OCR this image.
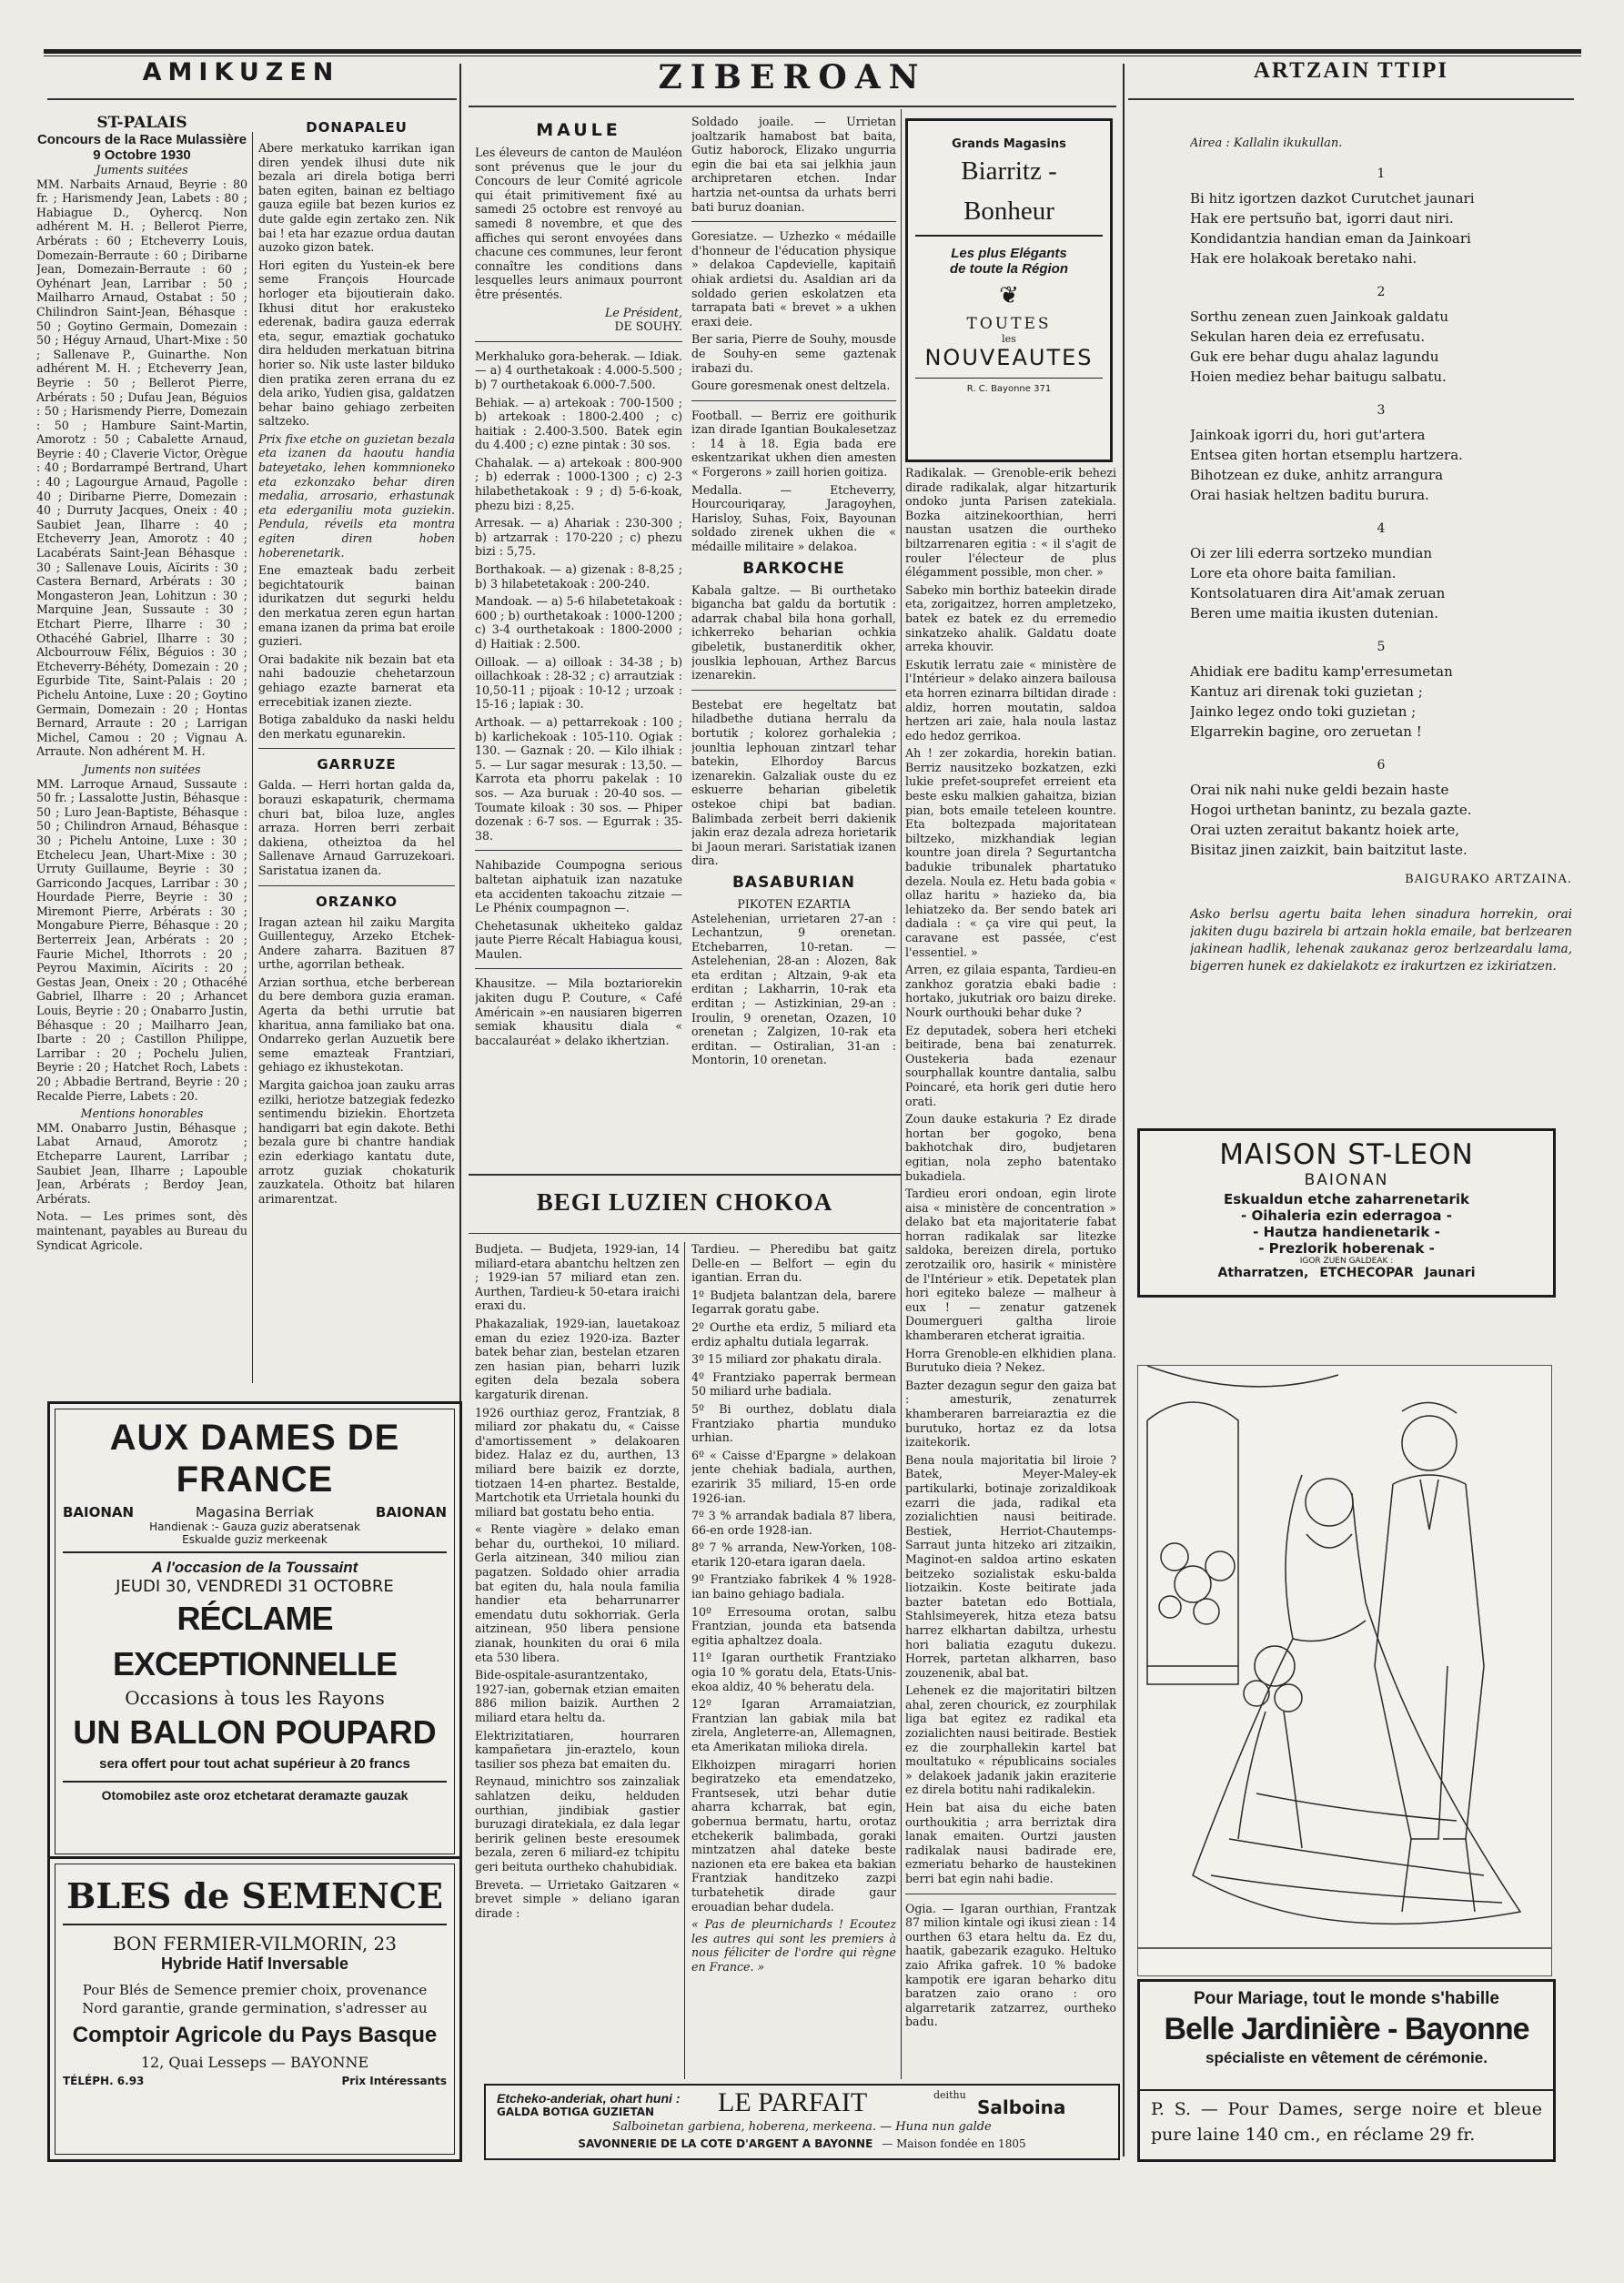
AMIKUZEN
ST-PALAIS
Concours de la Race Mulassière
9 Octobre 1930
Juments suitées

MM. Narbaits Arnaud, Beyrie : 80 fr. ; Harismendy Jean, Labets : 80 ; Habiague D., Oyhercq. Non adhérent M. H. ; Bellerot Pierre, Arbérats : 60 ; Etcheverry Louis, Domezain-Berraute : 60 ; Diribarne Jean, Domezain-Berraute : 60 ; Oyhénart Jean, Larribar : 50 ; Mailharro Arnaud, Ostabat : 50 ; Chilindron Saint-Jean, Béhasque : 50 ; Goytino Germain, Domezain : 50 ; Héguy Arnaud, Uhart-Mixe : 50 ; Sallenave P., Guinarthe. Non adhérent M. H. ; Etcheverry Jean, Beyrie : 50 ; Bellerot Pierre, Arbérats : 50 ; Dufau Jean, Béguios : 50 ; Harismendy Pierre, Domezain : 50 ; Hambure Saint-Martin, Amorotz : 50 ; Cabalette Arnaud, Beyrie : 40 ; Claverie Victor, Orègue : 40 ; Bordarrampé Bertrand, Uhart : 40 ; Lagourgue Arnaud, Pagolle : 40 ; Diribarne Pierre, Domezain : 40 ; Durruty Jacques, Oneix : 40 ; Saubiet Jean, Ilharre : 40 ; Etcheverry Jean, Amorotz : 40 ; Lacabérats Saint-Jean Béhasque : 30 ; Sallenave Louis, Aïcirits : 30 ; Castera Bernard, Arbérats : 30 ; Mongasteron Jean, Lohitzun : 30 ; Marquine Jean, Sussaute : 30 ; Etchart Pierre, Ilharre : 30 ; Othacéhé Gabriel, Ilharre : 30 ; Alcbourrouw Félix, Béguios : 30 ; Etcheverry-Béhéty, Domezain : 20 ; Egurbide Tite, Saint-Palais : 20 ; Pichelu Antoine, Luxe : 20 ; Goytino Germain, Domezain : 20 ; Hontas Bernard, Arraute : 20 ; Larrigan Michel, Camou : 20 ; Vignau A. Arraute. Non adhérent M. H.

Juments non suitées

MM. Larroque Arnaud, Sussaute : 50 fr. ; Lassalotte Justin, Béhasque : 50 ; Luro Jean-Baptiste, Béhasque : 50 ; Chilindron Arnaud, Béhasque : 30 ; Pichelu Antoine, Luxe : 30 ; Etchelecu Jean, Uhart-Mixe : 30 ; Urruty Guillaume, Beyrie : 30 ; Garricondo Jacques, Larribar : 30 ; Hourdade Pierre, Beyrie : 30 ; Miremont Pierre, Arbérats : 30 ; Mongabure Pierre, Béhasque : 20 ; Berterreix Jean, Arbérats : 20 ; Faurie Michel, Ithorrots : 20 ; Peyrou Maximin, Aïcirits : 20 ; Gestas Jean, Oneix : 20 ; Othacéhé Gabriel, Ilharre : 20 ; Arhancet Louis, Beyrie : 20 ; Onabarro Justin, Béhasque : 20 ; Mailharro Jean, Ibarte : 20 ; Castillon Philippe, Larribar : 20 ; Pochelu Julien, Beyrie : 20 ; Hatchet Roch, Labets : 20 ; Abbadie Bertrand, Beyrie : 20 ; Recalde Pierre, Labets : 20.

Mentions honorables

MM. Onabarro Justin, Béhasque ; Labat Arnaud, Amorotz ; Etcheparre Laurent, Larribar ; Saubiet Jean, Ilharre ; Lapouble Jean, Arbérats ; Berdoy Jean, Arbérats.

Nota. — Les primes sont, dès maintenant, payables au Bureau du Syndicat Agricole.

DONAPALEU

Abere merkatuko karrikan igan diren yendek ilhusi dute nik bezala ari direla botiga berri baten egiten, bainan ez beltiago gauza egiile bat bezen kurios ez dute galde egin zertako zen. Nik bai ! eta har ezazue ordua dautan auzoko gizon batek.

Hori egiten du Yustein-ek bere seme François Hourcade horloger eta bijoutierain dako. Ikhusi ditut hor erakusteko ederenak, badira gauza ederrak eta, segur, emaztiak gochatuko dira helduden merkatuan bitrina horier so. Nik uste laster bilduko dien pratika zeren errana du ez dela ariko, Yudien gisa, galdatzen behar baino gehiago zerbeiten saltzeko.

Prix fixe etche on guzietan bezala eta izanen da haoutu handia bateyetako, lehen kommnioneko eta ezkonzako behar diren medalia, arrosario, erhastunak eta ederganiliu mota guziekin. Pendula, réveils eta montra egiten diren hoben hoberenetarik.

Ene emazteak badu zerbeit begichtatourik bainan idurikatzen dut segurki heldu den merkatua zeren egun hartan emana izanen da prima bat eroile guzieri.

Orai badakite nik bezain bat eta nahi badouzie chehetarzoun gehiago ezazte barnerat eta errecebitiak izanen ziezte.

Botiga zabalduko da naski heldu den merkatu egunarekin.

GARRUZE

Galda. — Herri hortan galda da, borauzi eskapaturik, chermama churi bat, biloa luze, angles arraza. Horren berri zerbait dakiena, otheiztoa da hel Sallenave Arnaud Garruzekoari. Saristatua izanen da.

ORZANKO

Iragan aztean hil zaiku Margita Guillenteguy, Arzeko Etchek-Andere zaharra. Bazituen 87 urthe, agorrilan betheak.

Arzian sorthua, etche berberean du bere dembora guzia eraman. Agerta da bethi urrutie bat kharitua, anna familiako bat ona. Ondarreko gerlan Auzuetik bere seme emazteak Frantziari, gehiago ez ikhustekotan.

Margita gaichoa joan zauku arras ezilki, heriotze batzegiak fedezko sentimendu biziekin. Ehortzeta handigarri bat egin dakote. Bethi bezala gure bi chantre handiak ezin ederkiago kantatu dute, arrotz guziak chokaturik zauzkatela. Othoitz bat hilaren arimarentzat.

AUX DAMES DE FRANCE
BAIONAN	Magasina Berriak	BAIONAN
Handienak :- Gauza guziz aberatsenak
Eskualde guziz merkeenak
A l'occasion de la Toussaint
JEUDI 30, VENDREDI 31 OCTOBRE
RÉCLAME EXCEPTIONNELLE
Occasions à tous les Rayons
UN BALLON POUPARD
sera offert pour tout achat supérieur à 20 francs
Otomobilez aste oroz etchetarat deramazte gauzak
BLES de SEMENCE
BON FERMIER-VILMORIN, 23
Hybride Hatif Inversable
Pour Blés de Semence premier choix, provenance Nord garantie, grande germination, s'adresser au
Comptoir Agricole du Pays Basque
12, Quai Lesseps — BAYONNE
TÉLÉPH. 6.93	Prix Intéressants
ZIBEROAN
MAULE

Les éleveurs de canton de Mauléon sont prévenus que le jour du Concours de leur Comité agricole qui était primitivement fixé au samedi 25 octobre est renvoyé au samedi 8 novembre, et que des affiches qui seront envoyées dans chacune ces communes, leur feront connaître les conditions dans lesquelles leurs animaux pourront être présentés.

Le Président,
DE SOUHY.

Merkhaluko gora-beherak. — Idiak. — a) 4 ourthetakoak : 4.000-5.500 ; b) 7 ourthetakoak 6.000-7.500.

Behiak. — a) artekoak : 700-1500 ; b) artekoak : 1800-2.400 ; c) haitiak : 2.400-3.500. Batek egin du 4.400 ; c) ezne pintak : 30 sos.

Chahalak. — a) artekoak : 800-900 ; b) ederrak : 1000-1300 ; c) 2-3 hilabethetakoak : 9 ; d) 5-6-koak, phezu bizi : 8,25.

Arresak. — a) Ahariak : 230-300 ; b) artzarrak : 170-220 ; c) phezu bizi : 5,75.

Borthakoak. — a) gizenak : 8-8,25 ; b) 3 hilabetetakoak : 200-240.

Mandoak. — a) 5-6 hilabetetakoak : 600 ; b) ourthetakoak : 1000-1200 ; c) 3-4 ourthetakoak : 1800-2000 ; d) Haitiak : 2.500.

Oilloak. — a) oilloak : 34-38 ; b) oillachkoak : 28-32 ; c) arrautziak : 10,50-11 ; pijoak : 10-12 ; urzoak : 15-16 ; lapiak : 30.

Arthoak. — a) pettarrekoak : 100 ; b) karlichekoak : 105-110. Ogiak : 130. — Gaznak : 20. — Kilo ilhiak : 5. — Lur sagar mesurak : 13,50. — Karrota eta phorru pakelak : 10 sos. — Aza buruak : 20-40 sos. — Toumate kiloak : 30 sos. — Phiper dozenak : 6-7 sos. — Egurrak : 35-38.

Nahibazide Coumpogna serious baltetan aiphatuik izan nazatuke eta accidenten takoachu zitzaie — Le Phénix coumpagnon —.

Chehetasunak ukheiteko galdaz jaute Pierre Récalt Habiagua kousi, Maulen.

Khausitze. — Mila boztariorekin jakiten dugu P. Couture, « Café Américain »-en nausiaren bigerren semiak khausitu diala « baccalauréat » delako ikhertzian.

Soldado joaile. — Urrietan joaltzarik hamabost bat baita, Gutiz haborock, Elizako ungurria egin die bai eta sai jelkhia jaun archipretaren etchen. Indar hartzia net-ountsa da urhats berri bati buruz doanian.

Goresiatze. — Uzhezko « médaille d'honneur de l'éducation physique » delakoa Capdevielle, kapitaiñ ohiak ardietsi du. Asaldian ari da soldado gerien eskolatzen eta tarrapata bati « brevet » a ukhen eraxi deie.

Ber saria, Pierre de Souhy, mousde de Souhy-en seme gaztenak irabazi du.

Goure goresmenak onest deltzela.

Football. — Berriz ere goithurik izan dirade Igantian Boukalesetzaz : 14 à 18. Egia bada ere eskentzarikat ukhen dien amesten « Forgerons » zaill horien goitiza.

Medalla. — Etcheverry, Hourcouriqaray, Jaragoyhen, Harisloy, Suhas, Foix, Bayounan soldado zirenek ukhen die « médaille militaire » delakoa.

BARKOCHE

Kabala galtze. — Bi ourthetako bigancha bat galdu da bortutik : adarrak chabal bila hona gorhall, ichkerreko beharian ochkia gibeletik, bustanerditik okher, jouslkia lephouan, Arthez Barcus izenarekin.

Bestebat ere hegeltatz bat hiladbethe dutiana herralu da bortutik ; kolorez gorhalekia ; jounltia lephouan zintzarl tehar batekin, Elhordoy Barcus izenarekin. Galzaliak ouste du ez eskuerre beharian gibeletik ostekoe chipi bat badian. Balimbada zerbeit berri dakienik jakin eraz dezala adreza horietarik bi Jaoun merari. Saristatiak izanen dira.

BASABURIAN
PIKOTEN EZARTIA

Astelehenian, urrietaren 27-an : Lechantzun, 9 orenetan. Etchebarren, 10-retan. — Astelehenian, 28-an : Alozen, 8ak eta erditan ; Altzain, 9-ak eta erditan ; Lakharrin, 10-rak eta erditan ; — Astizkinian, 29-an : Iroulin, 9 orenetan, Ozazen, 10 orenetan ; Zalgizen, 10-rak eta erditan. — Ostiralian, 31-an : Montorin, 10 orenetan.

Grands Magasins
Biarritz - Bonheur
Les plus Elégants
de toute la Région
❦
TOUTES
les
NOUVEAUTES
R. C. Bayonne 371

Radikalak. — Grenoble-erik behezi dirade radikalak, algar hitzarturik ondoko junta Parisen zatekiala. Bozka aitzinekoorthian, herri naustan usatzen die ourtheko biltzarrenaren egitia : « il s'agit de rouler l'électeur de plus élégamment possible, mon cher. »

Sabeko min borthiz bateekin dirade eta, zorigaitzez, horren ampletzeko, batek ez batek ez du erremedio sinkatzeko ahalik. Galdatu doate arreka khouvir.

Eskutik lerratu zaie « ministère de l'Intérieur » delako ainzera bailousa eta horren ezinarra biltidan dirade : aldiz, horren moutatin, saldoa hertzen ari zaie, hala noula lastaz edo hedoz gerrikoa.

Ah ! zer zokardia, horekin batian. Berriz nausitzeko bozkatzen, ezki lukie prefet-souprefet erreient eta beste esku malkien gahaitza, bizian pian, bots emaile teteleen kountre. Eta boltezpada majoritatean biltzeko, mizkhandiak legian kountre joan direla ? Segurtantcha badukie tribunalek phartatuko dezela. Noula ez. Hetu bada gobia « ollaz haritu » hazieko da, bia lehiatzeko da. Ber sendo batek ari dadiala : « ça vire qui peut, la caravane est passée, c'est l'essentiel. »

Arren, ez gilaia espanta, Tardieu-en zankhoz goratzia ebaki badie : hortako, jukutriak oro baizu direke. Nourk ourthouki behar duke ?

Ez deputadek, sobera heri etcheki beitirade, bena bai zenaturrek. Oustekeria bada ezenaur sourphallak kountre dantalia, salbu Poincaré, eta horik geri dutie hero orati.

Zoun dauke estakuria ? Ez dirade hortan ber gogoko, bena bakhotchak diro, budjetaren egitian, nola zepho batentako bukadiela.

Tardieu erori ondoan, egin lirote aisa « ministère de concentration » delako bat eta majoritaterie fabat horran radikalak sar litezke saldoka, bereizen direla, portuko zerotzailik oro, hasirik « ministère de l'Intérieur » etik. Depetatek plan hori egiteko baleze — malheur à eux ! — zenatur gatzenek Doumergueri galtha liroie khamberaren etcherat igraitia.

Horra Grenoble-en elkhidien plana. Burutuko dieia ? Nekez.

Bazter dezagun segur den gaiza bat : amesturik, zenaturrek khamberaren barreiaraztia ez die burutuko, hortaz ez da lotsa izaitekorik.

Bena noula majoritatia bil liroie ? Batek, Meyer-Maley-ek partikularki, botinaje zorizaldikoak ezarri die jada, radikal eta zozialichtien nausi beitirade. Bestiek, Herriot-Chautemps-Sarraut junta hitzeko ari zitzaikin, Maginot-en saldoa artino eskaten beitzeko sozialistak esku-balda liotzaikin. Koste beitirate jada bazter batetan edo Bottiala, Stahlsimeyerek, hitza eteza batsu harrez elkhartan dabiltza, urhestu hori baliatia ezagutu dukezu. Horrek, partetan alkharren, baso zouzenenik, abal bat.

Lehenek ez die majoritatiri biltzen ahal, zeren chourick, ez zourphilak liga bat egitez ez radikal eta zozialichten nausi beitirade. Bestiek ez die zourphallekin kartel bat moultatuko « républicains sociales » delakoek jadanik jakin eraziterie ez direla botitu nahi radikalekin.

Hein bat aisa du eiche baten ourthoukitia ; arra berriztak dira lanak emaiten. Ourtzi jausten radikalak nausi badirade ere, ezmeriatu beharko de haustekinen berri bat egin nahi badie.

Ogia. — Igaran ourthian, Frantzak 87 milion kintale ogi ikusi ziean : 14 ourthen 63 etara heltu da. Ez du, haatik, gabezarik ezaguko. Heltuko zaio Afrika gafrek. 10 % badoke kampotik ere igaran beharko ditu baratzen zaio orano : oro algarretarik zatzarrez, ourtheko badu.

BEGI LUZIEN CHOKOA

Budjeta. — Budjeta, 1929-ian, 14 miliard-etara abantchu heltzen zen ; 1929-ian 57 miliard etan zen. Aurthen, Tardieu-k 50-etara iraichi eraxi du.

Phakazaliak, 1929-ian, lauetakoaz eman du eziez 1920-iza. Bazter batek behar zian, bestelan etzaren zen hasian pian, beharri luzik egiten dela bezala sobera kargaturik direnan.

1926 ourthiaz geroz, Frantziak, 8 miliard zor phakatu du, « Caisse d'amortissement » delakoaren bidez. Halaz ez du, aurthen, 13 miliard bere baizik ez dorzte, tiotzaen 14-en phartez. Bestalde, Martchotik eta Urrietala hounki du miliard bat gostatu beho entia.

« Rente viagère » delako eman behar du, ourthekoi, 10 miliard. Gerla aitzinean, 340 miliou zian pagatzen. Soldado ohier arradia bat egiten du, hala noula familia handier eta beharrunarrer emendatu dutu sokhorriak. Gerla aitzinean, 950 libera pensione zianak, hounkiten du orai 6 mila eta 530 libera.

Bide-ospitale-asurantzentako, 1927-ian, gobernak etzian emaiten 886 milion baizik. Aurthen 2 miliard etara heltu da.

Elektrizitatiaren, hourraren kampañetara jin-eraztelo, koun tasilier sos pheza bat emaiten du.

Reynaud, minichtro sos zainzaliak sahlatzen deiku, helduden ourthian, jindibiak gastier buruzagi diratekiala, ez dala legar beririk gelinen beste eresoumek bezala, zeren 6 miliard-ez tchipitu geri beituta ourtheko chahubidiak.

Breveta. — Urrietako Gaitzaren « brevet simple » deliano igaran dirade :

Tardieu. — Pheredibu bat gaitz Delle-en — Belfort — egin du igantian. Erran du.

1º Budjeta balantzan dela, barere Iegarrak goratu gabe.

2º Ourthe eta erdiz, 5 miliard eta erdiz aphaltu dutiala legarrak.

3º 15 miliard zor phakatu dirala.

4º Frantziako paperrak bermean 50 miliard urhe badiala.

5º Bi ourthez, doblatu diala Frantziako phartia munduko urhian.

6º « Caisse d'Epargne » delakoan jente chehiak badiala, aurthen, ezaririk 35 miliard, 15-en orde 1926-ian.

7º 3 % arrandak badiala 87 libera, 66-en orde 1928-ian.

8º 7 % arranda, New-Yorken, 108-etarik 120-etara igaran daela.

9º Frantziako fabrikek 4 % 1928-ian baino gehiago badiala.

10º Erresouma orotan, salbu Frantzian, jounda eta batsenda egitia aphaltzez doala.

11º Igaran ourthetik Frantziako ogia 10 % goratu dela, Etats-Unis-ekoa aldiz, 40 % beheratu dela.

12º Igaran Arramaiatzian, Frantzian lan gabiak mila bat zirela, Angleterre-an, Allemagnen, eta Amerikatan milioka direla.

Elkhoizpen miragarri horien begiratzeko eta emendatzeko, Frantsesek, utzi behar dutie aharra kcharrak, bat egin, gobernua bermatu, hartu, orotaz etchekerik balimbada, goraki mintzatzen ahal dateke beste nazionen eta ere bakea eta bakian Frantziak handitzeko zazpi turbatehetik dirade gaur erouadian behar dudela.

« Pas de pleurnichards ! Ecoutez les autres qui sont les premiers à nous féliciter de l'ordre qui règne en France. »

Etcheko-anderiak, ohart huni :
GALDA BOTIGA GUZIETAN	LE PARFAIT	deithu
Salboina
Salboinetan garbiena, hoberena, merkeena. — Huna nun galde
SAVONNERIE DE LA COTE D'ARGENT A BAYONNE — Maison fondée en 1805
ARTZAIN TTIPI
Airea : Kallalin ikukullan.
1

Bi hitz igortzen dazkot Curutchet jaunari

Hak ere pertsuño bat, igorri daut niri.

Kondidantzia handian eman da Jainkoari

Hak ere holakoak beretako nahi.

2

Sorthu zenean zuen Jainkoak galdatu

Sekulan haren deia ez errefusatu.

Guk ere behar dugu ahalaz lagundu

Hoien mediez behar baitugu salbatu.

3

Jainkoak igorri du, hori gut'artera

Entsea giten hortan etsemplu hartzera.

Bihotzean ez duke, anhitz arrangura

Orai hasiak heltzen baditu burura.

4

Oi zer lili ederra sortzeko mundian

Lore eta ohore baita familian.

Kontsolatuaren dira Ait'amak zeruan

Beren ume maitia ikusten dutenian.

5

Ahidiak ere baditu kamp'erresumetan

Kantuz ari direnak toki guzietan ;

Jainko legez ondo toki guzietan ;

Elgarrekin bagine, oro zeruetan !

6

Orai nik nahi nuke geldi bezain haste

Hogoi urthetan banintz, zu bezala gazte.

Orai uzten zeraitut bakantz hoiek arte,

Bisitaz jinen zaizkit, bain baitzitut laste.

BAIGURAKO ARTZAINA.
Asko berlsu agertu baita lehen sinadura horrekin, orai jakiten dugu bazirela bi artzain hokla emaile, bat berlzearen jakinean hadlik, lehenak zaukanaz geroz berlzeardalu lama, bigerren hunek ez dakielakotz ez irakurtzen ez izkiriatzen.
MAISON ST-LEON
BAIONAN
Eskualdun etche zaharrenetarik
- Oihaleria ezin ederragoa -
- Hautza handienetarik -
- Prezlorik hoberenak -
IGOR ZUEN GALDEAK :
Atharratzen, ETCHECOPAR Jaunari
Pour Mariage, tout le monde s'habille
Belle Jardinière - Bayonne
spécialiste en vêtement de cérémonie.
P. S. — Pour Dames, serge noire et bleue pure laine 140 cm., en réclame 29 fr.
